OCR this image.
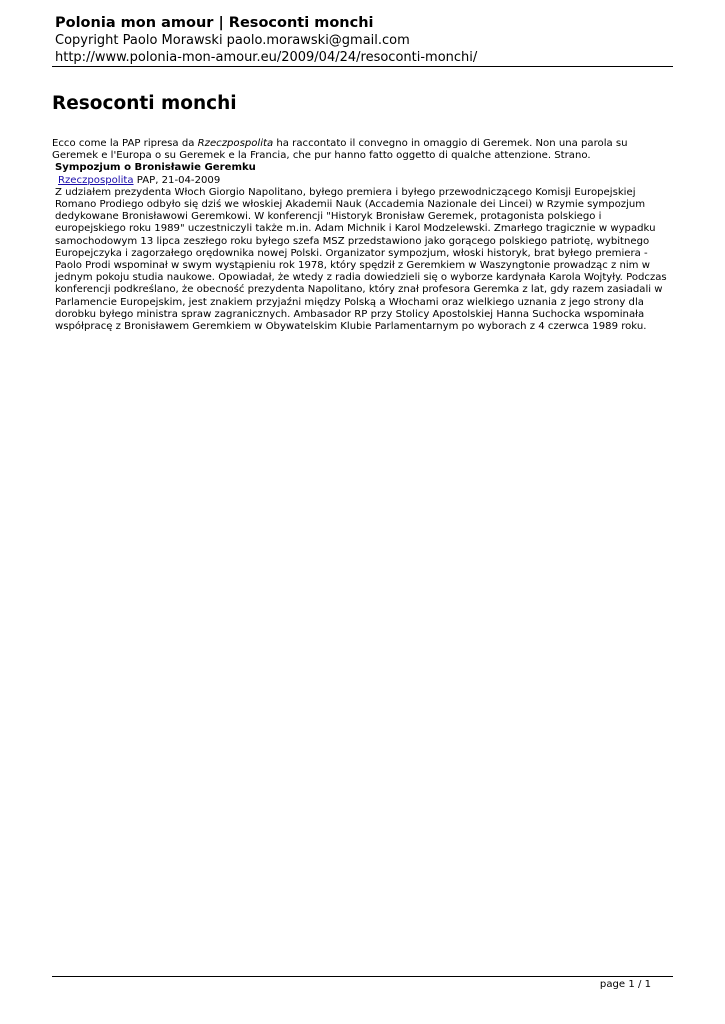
Polonia mon amour | Resoconti monchi

Copyright Paolo Morawski paolo.morawski@gmail.com

http://www.polonia-mon-amour.eu/2009/04/24/resoconti-monchi/

Resoconti monchi

Ecco come la PAP ripresa da Rzeczpospolita ha raccontato il convegno in omaggio di Geremek. Non una parola su Geremek e l'Europa o su Geremek e la Francia, che pur hanno fatto oggetto di qualche attenzione. Strano.

Sympozjum o Bronisławie Geremku

Rzeczpospolita PAP, 21-04-2009

Z udziałem prezydenta Włoch Giorgio Napolitano, byłego premiera i byłego przewodniczącego Komisji Europejskiej Romano Prodiego odbyło się dziś we włoskiej Akademii Nauk (Accademia Nazionale dei Lincei) w Rzymie sympozjum dedykowane Bronisławowi Geremkowi. W konferencji "Historyk Bronisław Geremek, protagonista polskiego i europejskiego roku 1989" uczestniczyli także m.in. Adam Michnik i Karol Modzelewski. Zmarłego tragicznie w wypadku samochodowym 13 lipca zeszłego roku byłego szefa MSZ przedstawiono jako gorącego polskiego patriotę, wybitnego Europejczyka i zagorzałego orędownika nowej Polski. Organizator sympozjum, włoski historyk, brat byłego premiera - Paolo Prodi wspominał w swym wystąpieniu rok 1978, który spędził z Geremkiem w Waszyngtonie prowadząc z nim w jednym pokoju studia naukowe. Opowiadał, że wtedy z radia dowiedzieli się o wyborze kardynała Karola Wojtyły. Podczas konferencji podkreślano, że obecność prezydenta Napolitano, który znał profesora Geremka z lat, gdy razem zasiadali w Parlamencie Europejskim, jest znakiem przyjaźni między Polską a Włochami oraz wielkiego uznania z jego strony dla dorobku byłego ministra spraw zagranicznych. Ambasador RP przy Stolicy Apostolskiej Hanna Suchocka wspominała współpracę z Bronisławem Geremkiem w Obywatelskim Klubie Parlamentarnym po wyborach z 4 czerwca 1989 roku.

page 1 / 1
